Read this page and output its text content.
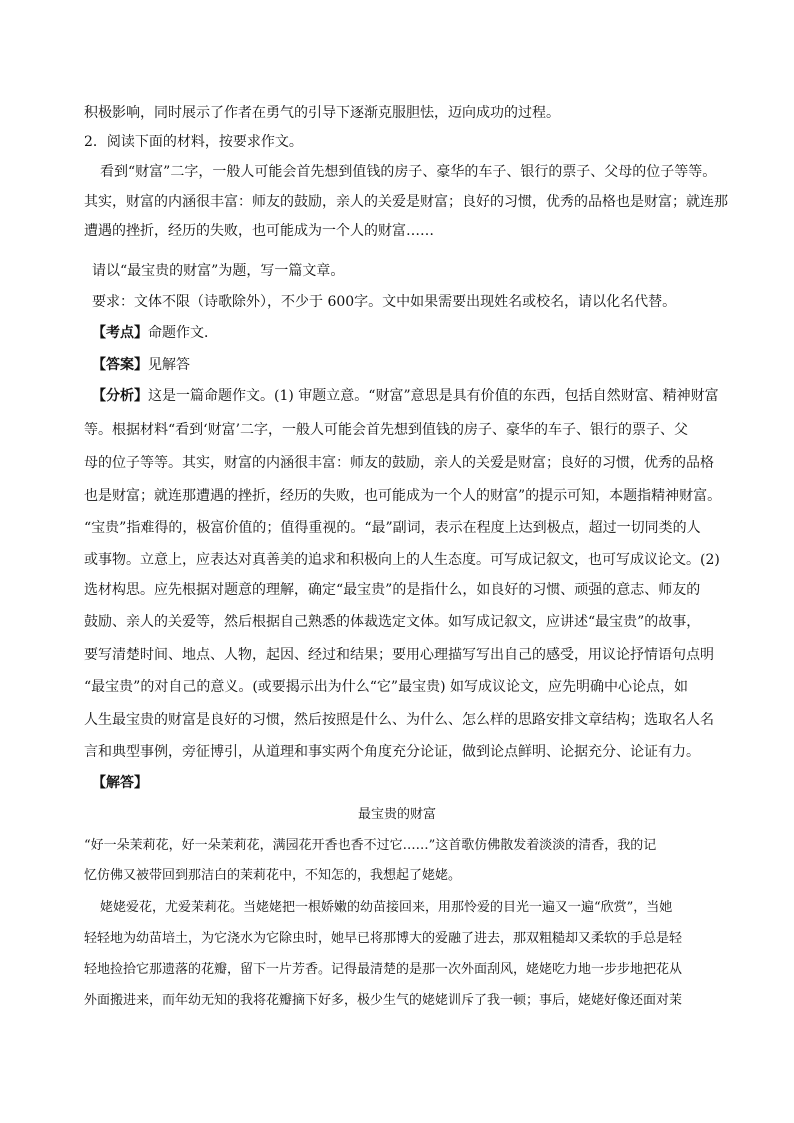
积极影响，同时展示了作者在勇气的引导下逐渐克服胆怯，迈向成功的过程。
2．阅读下面的材料，按要求作文。
看到“财富”二字，一般人可能会首先想到值钱的房子、豪华的车子、银行的票子、父母的位子等等。
其实，财富的内涵很丰富：师友的鼓励，亲人的关爱是财富；良好的习惯，优秀的品格也是财富；就连那
遭遇的挫折，经历的失败，也可能成为一个人的财富……
请以“最宝贵的财富”为题，写一篇文章。
要求：文体不限（诗歌除外），不少于 600字。文中如果需要出现姓名或校名，请以化名代替。
【考点】命题作文．
【答案】见解答
【分析】这是一篇命题作文。(1) 审题立意。“财富”意思是具有价值的东西，包括自然财富、精神财富
等。根据材料“看到‘财富’二字，一般人可能会首先想到值钱的房子、豪华的车子、银行的票子、父
母的位子等等。其实，财富的内涵很丰富：师友的鼓励，亲人的关爱是财富；良好的习惯，优秀的品格
也是财富；就连那遭遇的挫折，经历的失败，也可能成为一个人的财富”的提示可知，本题指精神财富。
“宝贵”指难得的，极富价值的；值得重视的。“最”副词，表示在程度上达到极点，超过一切同类的人
或事物。立意上，应表达对真善美的追求和积极向上的人生态度。可写成记叙文，也可写成议论文。(2)
选材构思。应先根据对题意的理解，确定“最宝贵”的是指什么，如良好的习惯、顽强的意志、师友的
鼓励、亲人的关爱等，然后根据自己熟悉的体裁选定文体。如写成记叙文，应讲述“最宝贵”的故事，
要写清楚时间、地点、人物，起因、经过和结果；要用心理描写写出自己的感受，用议论抒情语句点明
“最宝贵”的对自己的意义。(或要揭示出为什么“它”最宝贵) 如写成议论文，应先明确中心论点，如
人生最宝贵的财富是良好的习惯，然后按照是什么、为什么、怎么样的思路安排文章结构；选取名人名
言和典型事例，旁征博引，从道理和事实两个角度充分论证，做到论点鲜明、论据充分、论证有力。
【解答】
最宝贵的财富
“好一朵茉莉花，好一朵茉莉花，满园花开香也香不过它……”这首歌仿佛散发着淡淡的清香，我的记
忆仿佛又被带回到那洁白的茉莉花中，不知怎的，我想起了姥姥。
姥姥爱花，尤爱茉莉花。当姥姥把一根娇嫩的幼苗接回来，用那怜爱的目光一遍又一遍“欣赏”，当她
轻轻地为幼苗培土，为它浇水为它除虫时，她早已将那博大的爱融了进去，那双粗糙却又柔软的手总是轻
轻地捡拾它那遗落的花瓣，留下一片芳香。记得最清楚的是那一次外面刮风，姥姥吃力地一步步地把花从
外面搬进来，而年幼无知的我将花瓣摘下好多，极少生气的姥姥训斥了我一顿；事后，姥姥好像还面对茉
